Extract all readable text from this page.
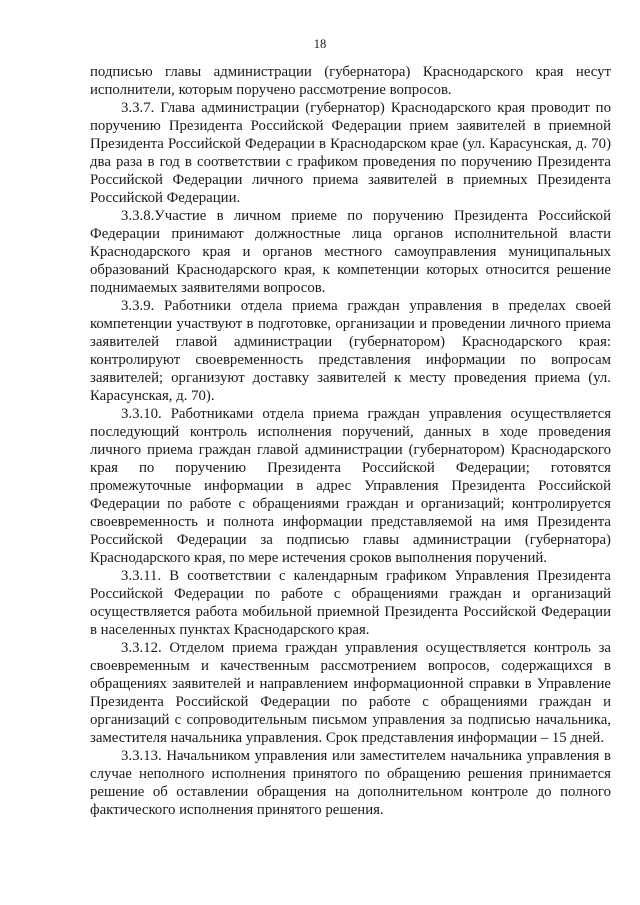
18

подписью главы администрации (губернатора) Краснодарского края несут исполнители, которым поручено рассмотрение вопросов.

3.3.7. Глава администрации (губернатор) Краснодарского края проводит по поручению Президента Российской Федерации прием заявителей в приемной Президента Российской Федерации в Краснодарском крае (ул. Карасунская, д. 70) два раза в год в соответствии с графиком проведения по поручению Президента Российской Федерации личного приема заявителей в приемных Президента Российской Федерации.

3.3.8.Участие в личном приеме по поручению Президента Российской Федерации принимают должностные лица органов исполнительной власти Краснодарского края и органов местного самоуправления муниципальных образований Краснодарского края, к компетенции которых относится решение поднимаемых заявителями вопросов.

3.3.9. Работники отдела приема граждан управления в пределах своей компетенции участвуют в подготовке, организации и проведении личного приема заявителей главой администрации (губернатором) Краснодарского края: контролируют своевременность представления информации по вопросам заявителей; организуют доставку заявителей к месту проведения приема (ул. Карасунская, д. 70).

3.3.10. Работниками отдела приема граждан управления осуществляется последующий контроль исполнения поручений, данных в ходе проведения личного приема граждан главой администрации (губернатором) Краснодарского края по поручению Президента Российской Федерации; готовятся промежуточные информации в адрес Управления Президента Российской Федерации по работе с обращениями граждан и организаций; контролируется своевременность и полнота информации представляемой на имя Президента Российской Федерации за подписью главы администрации (губернатора) Краснодарского края, по мере истечения сроков выполнения поручений.

3.3.11. В соответствии с календарным графиком Управления Президента Российской Федерации по работе с обращениями граждан и организаций осуществляется работа мобильной приемной Президента Российской Федерации в населенных пунктах Краснодарского края.

3.3.12. Отделом приема граждан управления осуществляется контроль за своевременным и качественным рассмотрением вопросов, содержащихся в обращениях заявителей и направлением информационной справки в Управление Президента Российской Федерации по работе с обращениями граждан и организаций с сопроводительным письмом управления за подписью начальника, заместителя начальника управления. Срок представления информации – 15 дней.

3.3.13. Начальником управления или заместителем начальника управления в случае неполного исполнения принятого по обращению решения принимается решение об оставлении обращения на дополнительном контроле до полного фактического исполнения принятого решения.
